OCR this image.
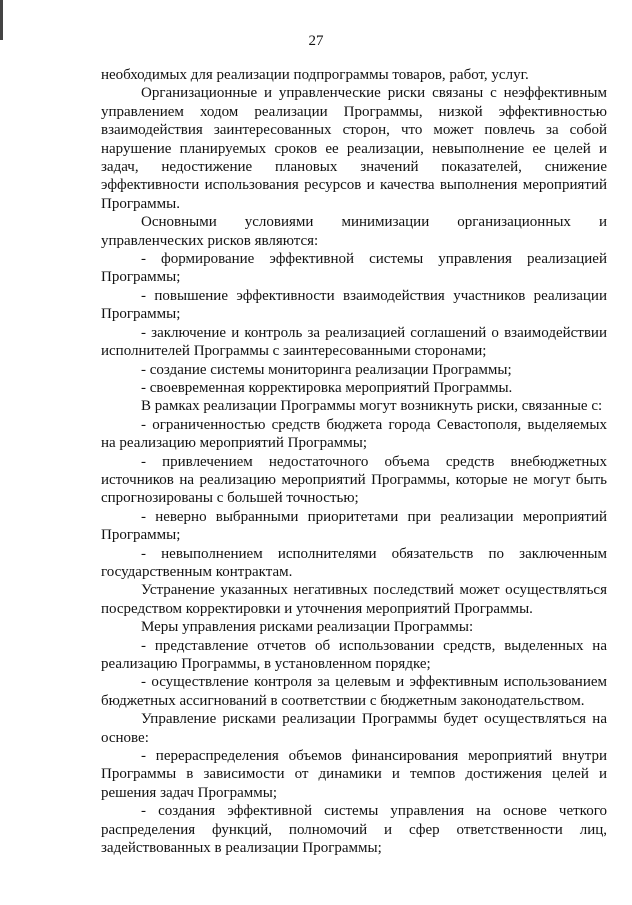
27

необходимых для реализации подпрограммы товаров, работ, услуг.

Организационные и управленческие риски связаны с неэффективным управлением ходом реализации Программы, низкой эффективностью взаимодействия заинтересованных сторон, что может повлечь за собой нарушение планируемых сроков ее реализации, невыполнение ее целей и задач, недостижение плановых значений показателей, снижение эффективности использования ресурсов и качества выполнения мероприятий Программы.

Основными условиями минимизации организационных и управленческих рисков являются:

- формирование эффективной системы управления реализацией Программы;

- повышение эффективности взаимодействия участников реализации Программы;

- заключение и контроль за реализацией соглашений о взаимодействии исполнителей Программы с заинтересованными сторонами;

- создание системы мониторинга реализации Программы;

- своевременная корректировка мероприятий Программы.

В рамках реализации Программы могут возникнуть риски, связанные с:

- ограниченностью средств бюджета города Севастополя, выделяемых на реализацию мероприятий Программы;

- привлечением недостаточного объема средств внебюджетных источников на реализацию мероприятий Программы, которые не могут быть спрогнозированы с большей точностью;

- неверно выбранными приоритетами при реализации мероприятий Программы;

- невыполнением исполнителями обязательств по заключенным государственным контрактам.

Устранение указанных негативных последствий может осуществляться посредством корректировки и уточнения мероприятий Программы.

Меры управления рисками реализации Программы:

- представление отчетов об использовании средств, выделенных на реализацию Программы, в установленном порядке;

- осуществление контроля за целевым и эффективным использованием бюджетных ассигнований в соответствии с бюджетным законодательством.

Управление рисками реализации Программы будет осуществляться на основе:

- перераспределения объемов финансирования мероприятий внутри Программы в зависимости от динамики и темпов достижения целей и решения задач Программы;

- создания эффективной системы управления на основе четкого распределения функций, полномочий и сфер ответственности лиц, задействованных в реализации Программы;
